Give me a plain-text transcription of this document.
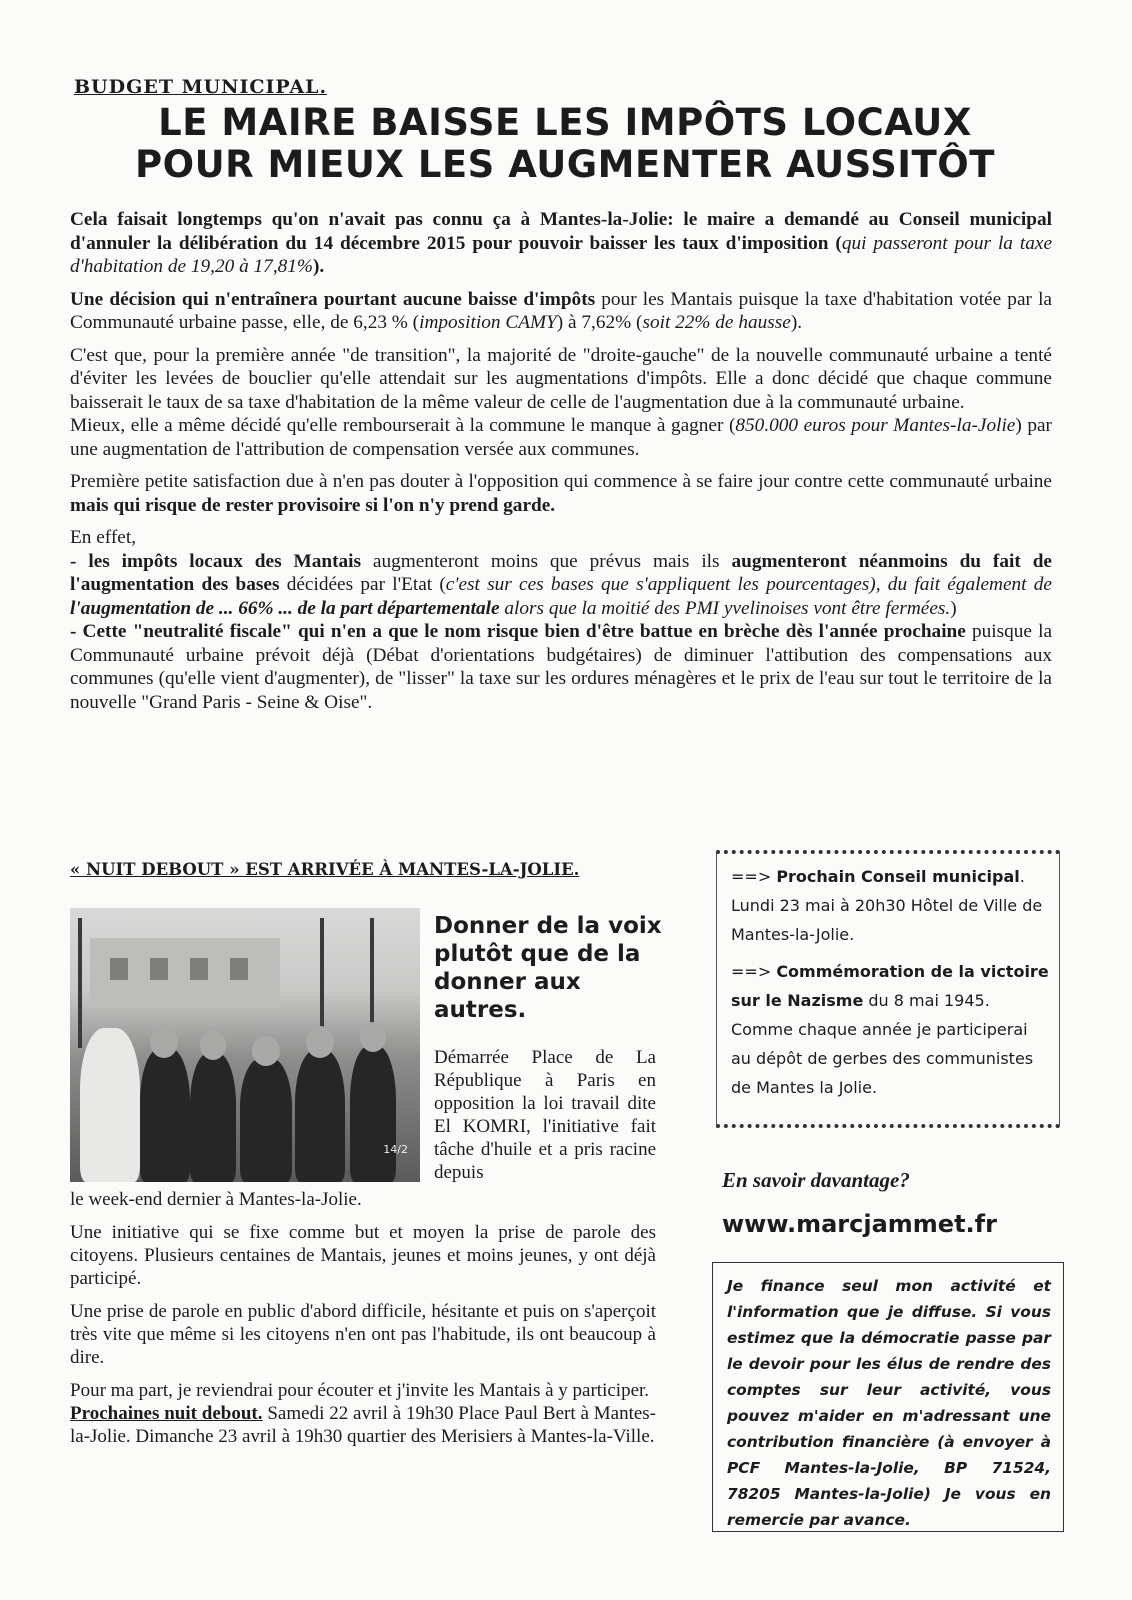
BUDGET MUNICIPAL.
LE MAIRE BAISSE LES IMPÔTS LOCAUX
POUR MIEUX LES AUGMENTER AUSSITÔT

Cela faisait longtemps qu'on n'avait pas connu ça à Mantes-la-Jolie: le maire a demandé au Conseil municipal d'annuler la délibération du 14 décembre 2015 pour pouvoir baisser les taux d'imposition (qui passeront pour la taxe d'habitation de 19,20 à 17,81%).

Une décision qui n'entraînera pourtant aucune baisse d'impôts pour les Mantais puisque la taxe d'habitation votée par la Communauté urbaine passe, elle, de 6,23 % (imposition CAMY) à 7,62% (soit 22% de hausse).

C'est que, pour la première année "de transition", la majorité de "droite-gauche" de la nouvelle communauté urbaine a tenté d'éviter les levées de bouclier qu'elle attendait sur les augmentations d'impôts. Elle a donc décidé que chaque commune baisserait le taux de sa taxe d'habitation de la même valeur de celle de l'augmentation due à la communauté urbaine.

Mieux, elle a même décidé qu'elle rembourserait à la commune le manque à gagner (850.000 euros pour Mantes-la-Jolie) par une augmentation de l'attribution de compensation versée aux communes.

Première petite satisfaction due à n'en pas douter à l'opposition qui commence à se faire jour contre cette communauté urbaine mais qui risque de rester provisoire si l'on n'y prend garde.

En effet,
- les impôts locaux des Mantais augmenteront moins que prévus mais ils augmenteront néanmoins du fait de l'augmentation des bases décidées par l'Etat (c'est sur ces bases que s'appliquent les pourcentages), du fait également de l'augmentation de ... 66% ... de la part départementale alors que la moitié des PMI yvelinoises vont être fermées.)

- Cette "neutralité fiscale" qui n'en a que le nom risque bien d'être battue en brèche dès l'année prochaine puisque la Communauté urbaine prévoit déjà (Débat d'orientations budgétaires) de diminuer l'attibution des compensations aux communes (qu'elle vient d'augmenter), de "lisser" la taxe sur les ordures ménagères et le prix de l'eau sur tout le territoire de la nouvelle "Grand Paris - Seine & Oise".

« NUIT DEBOUT » EST ARRIVÉE À MANTES-LA-JOLIE.
14/2
Donner de la voix plutôt que de la donner aux autres.
Démarrée Place de La République à Paris en opposition la loi travail dite El KOMRI, l'initiative fait tâche d'huile et a pris racine depuis

le week-end dernier à Mantes-la-Jolie.

Une initiative qui se fixe comme but et moyen la prise de parole des citoyens. Plusieurs centaines de Mantais, jeunes et moins jeunes, y ont déjà participé.

Une prise de parole en public d'abord difficile, hésitante et puis on s'aperçoit très vite que même si les citoyens n'en ont pas l'habitude, ils ont beaucoup à dire.

Pour ma part, je reviendrai pour écouter et j'invite les Mantais à y participer.
Prochaines nuit debout. Samedi 22 avril à 19h30 Place Paul Bert à Mantes-la-Jolie. Dimanche 23 avril à 19h30 quartier des Merisiers à Mantes-la-Ville.

==> Prochain Conseil municipal. Lundi 23 mai à 20h30 Hôtel de Ville de Mantes-la-Jolie.

==> Commémoration de la victoire sur le Nazisme du 8 mai 1945. Comme chaque année je participerai au dépôt de gerbes des communistes de Mantes la Jolie.

En savoir davantage?
www.marcjammet.fr
Je finance seul mon activité et l'information que je diffuse. Si vous estimez que la démocratie passe par le devoir pour les élus de rendre des comptes sur leur activité, vous pouvez m'aider en m'adressant une contribution financière (à envoyer à PCF Mantes-la-Jolie, BP 71524, 78205 Mantes-la-Jolie) Je vous en remercie par avance.
